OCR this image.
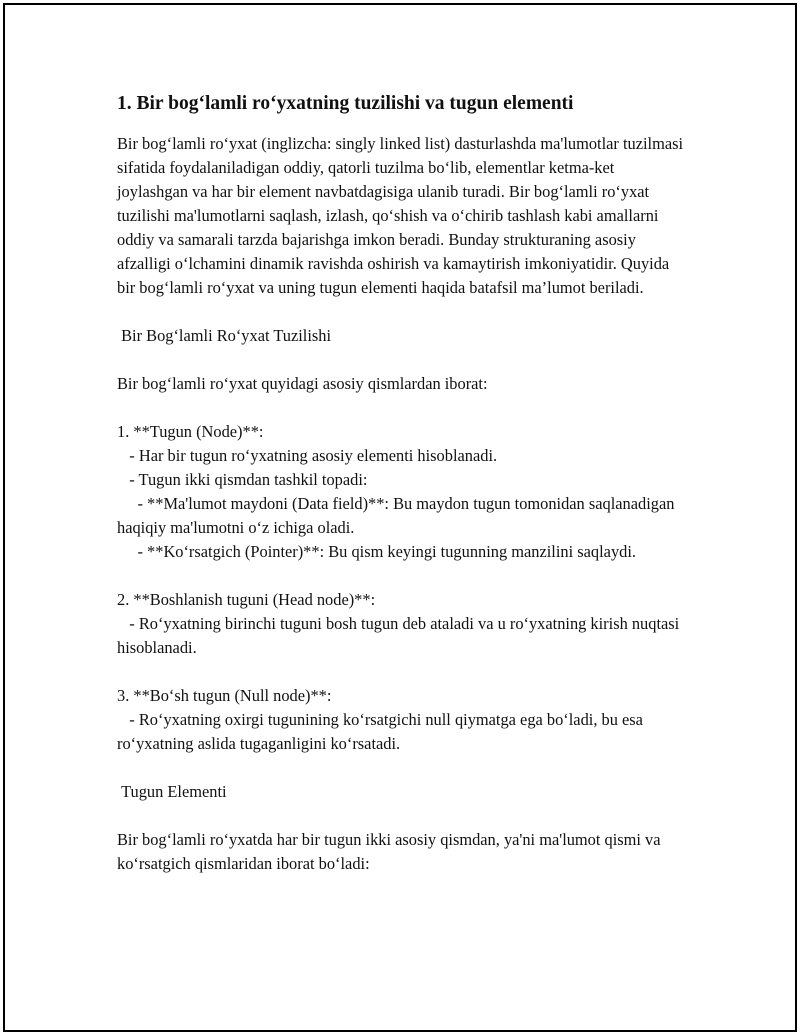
1. Bir bog‘lamli ro‘yxatning tuzilishi va tugun elementi

Bir bog‘lamli ro‘yxat (inglizcha: singly linked list) dasturlashda ma'lumotlar tuzilmasi sifatida foydalaniladigan oddiy, qatorli tuzilma bo‘lib, elementlar ketma-ket joylashgan va har bir element navbatdagisiga ulanib turadi. Bir bog‘lamli ro‘yxat tuzilishi ma'lumotlarni saqlash, izlash, qo‘shish va o‘chirib tashlash kabi amallarni oddiy va samarali tarzda bajarishga imkon beradi. Bunday strukturaning asosiy afzalligi o‘lchamini dinamik ravishda oshirish va kamaytirish imkoniyatidir. Quyida bir bog‘lamli ro‘yxat va uning tugun elementi haqida batafsil ma’lumot beriladi.

Bir Bog‘lamli Ro‘yxat Tuzilishi

Bir bog‘lamli ro‘yxat quyidagi asosiy qismlardan iborat:

1. **Tugun (Node)**:

- Har bir tugun ro‘yxatning asosiy elementi hisoblanadi.

- Tugun ikki qismdan tashkil topadi:

- **Ma'lumot maydoni (Data field)**: Bu maydon tugun tomonidan saqlanadigan haqiqiy ma'lumotni o‘z ichiga oladi.

- **Ko‘rsatgich (Pointer)**: Bu qism keyingi tugunning manzilini saqlaydi.

2. **Boshlanish tuguni (Head node)**:

- Ro‘yxatning birinchi tuguni bosh tugun deb ataladi va u ro‘yxatning kirish nuqtasi hisoblanadi.

3. **Bo‘sh tugun (Null node)**:

- Ro‘yxatning oxirgi tugunining ko‘rsatgichi null qiymatga ega bo‘ladi, bu esa ro‘yxatning aslida tugaganligini ko‘rsatadi.

Tugun Elementi

Bir bog‘lamli ro‘yxatda har bir tugun ikki asosiy qismdan, ya'ni ma'lumot qismi va ko‘rsatgich qismlaridan iborat bo‘ladi:
